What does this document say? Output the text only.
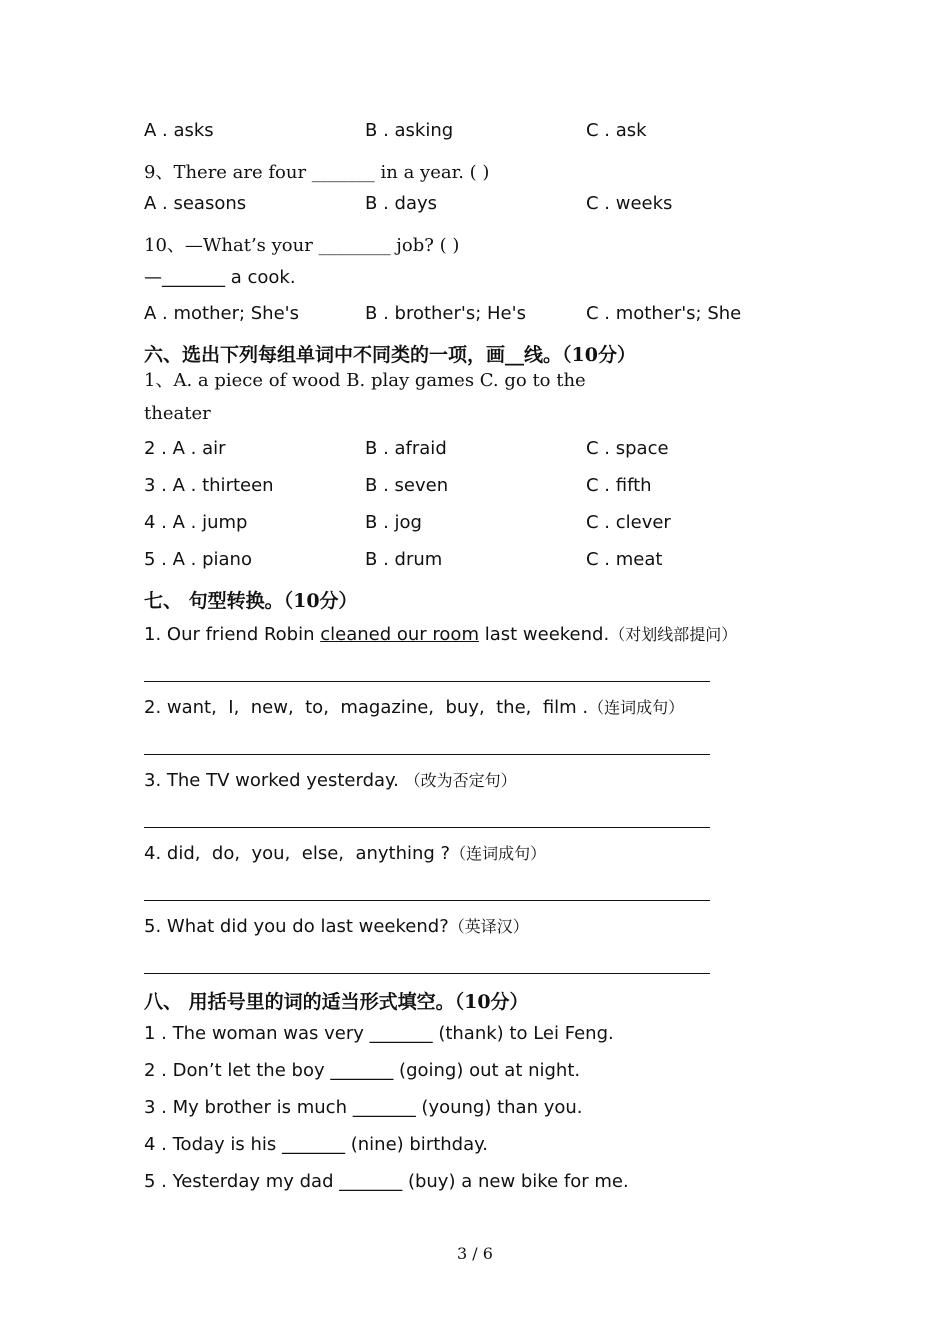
A . asks	B . asking	C . ask
9、There are four _______ in a year. ( )
A . seasons	B . days	C . weeks
10、—What’s your ________ job? ( )
—_______ a cook.
A . mother; She's	B . brother's; He's	C . mother's; She
六、选出下列每组单词中不同类的一项，画__线。（10分）
1、A. a piece of wood B. play games C. go to the
theater
2 . A . air	B . afraid	C . space
3 . A . thirteen	B . seven	C . fifth
4 . A . jump	B . jog	C . clever
5 . A . piano	B . drum	C . meat
七、 句型转换。（10分）
1. Our friend Robin cleaned our room last weekend.（对划线部提问）
2. want,  I,  new,  to,  magazine,  buy,  the,  film .（连词成句）
3. The TV worked yesterday. （改为否定句）
4. did,  do,  you,  else,  anything ?（连词成句）
5. What did you do last weekend?（英译汉）
八、 用括号里的词的适当形式填空。（10分）
1 . The woman was very _______ (thank) to Lei Feng.
2 . Don’t let the boy _______ (going) out at night.
3 . My brother is much _______ (young) than you.
4 . Today is his _______ (nine) birthday.
5 . Yesterday my dad _______ (buy) a new bike for me.
3 / 6
